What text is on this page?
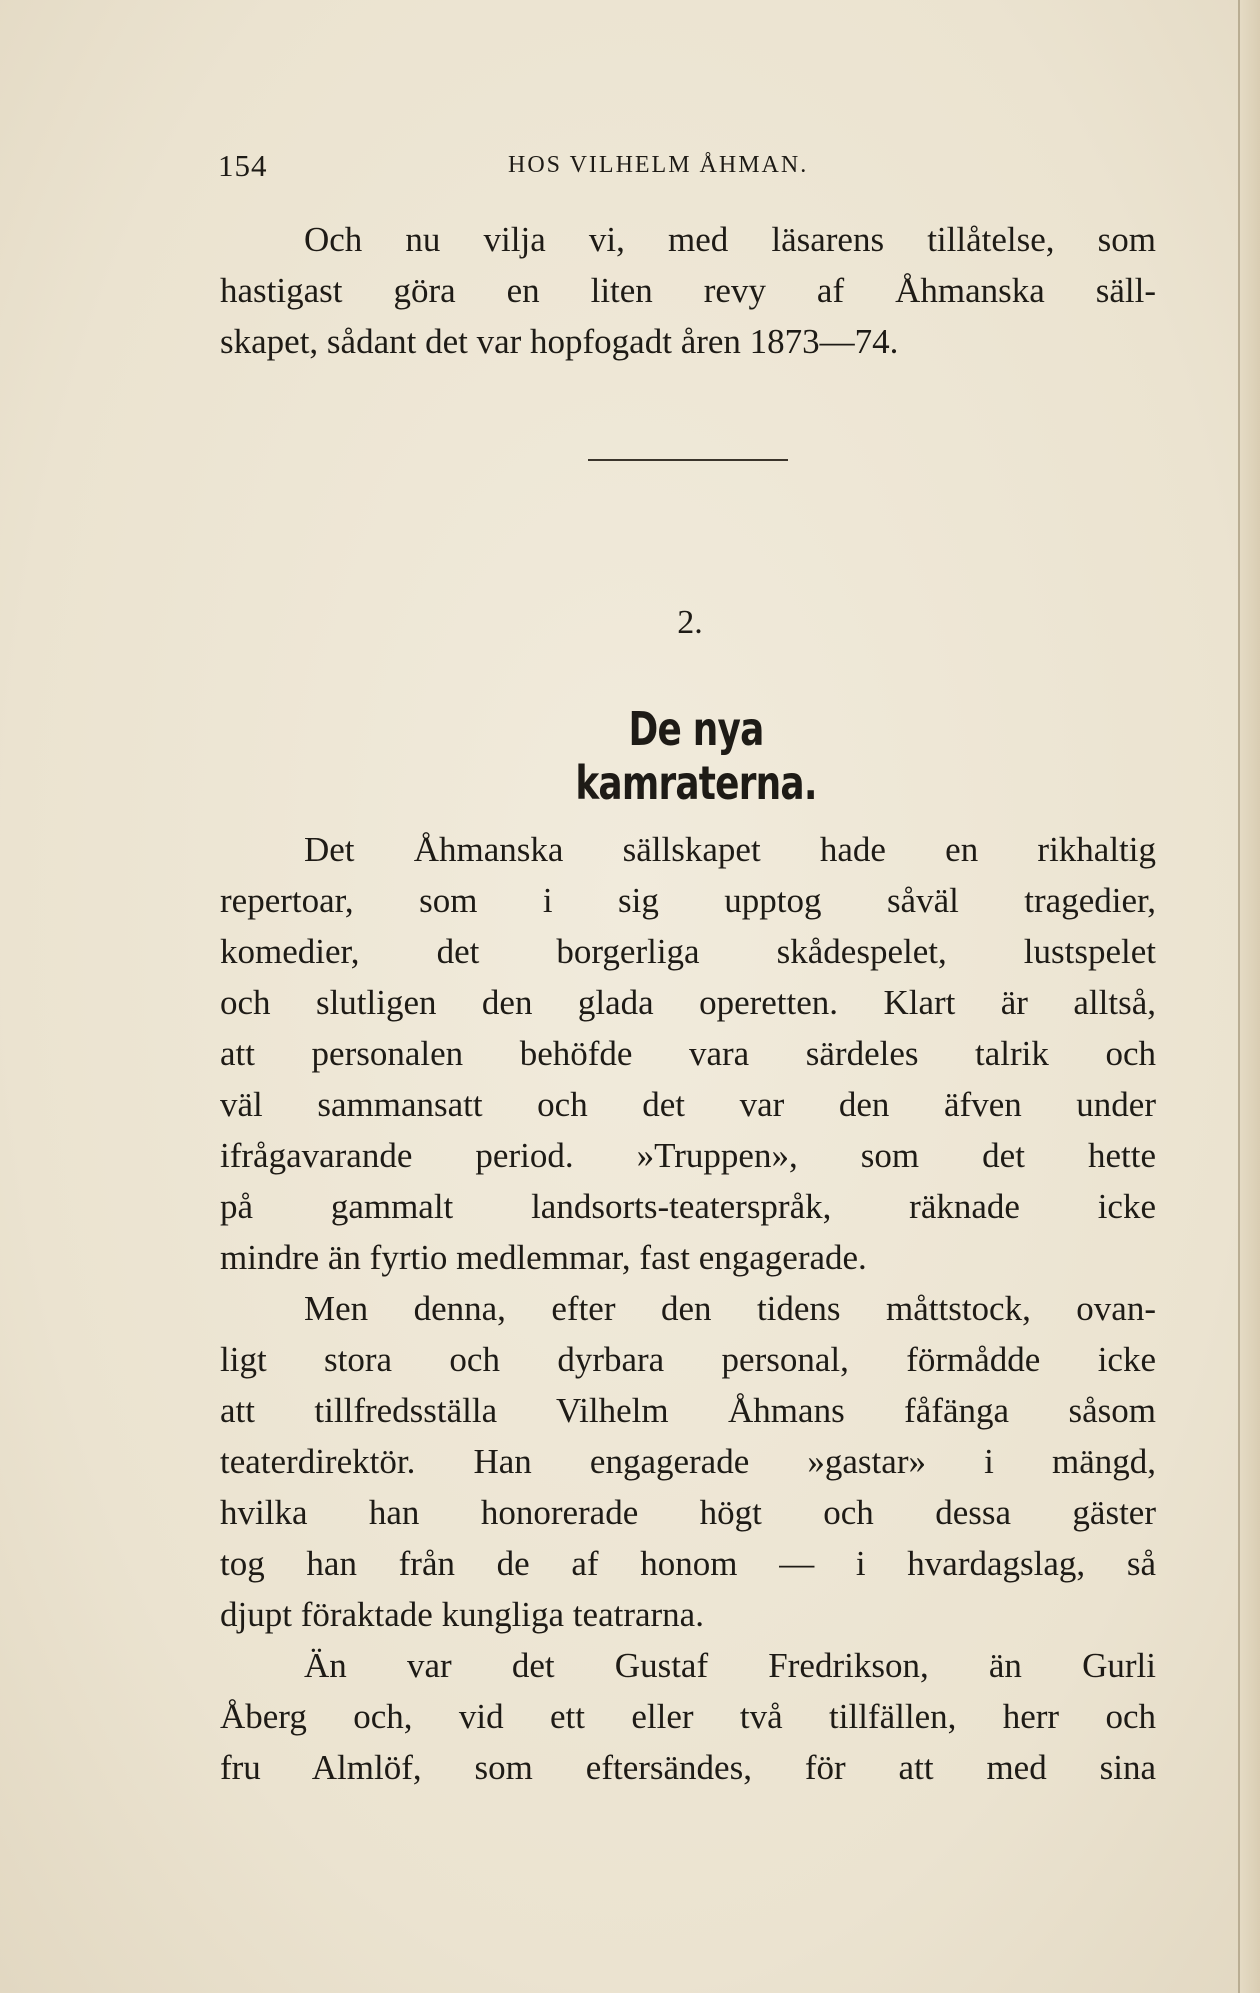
154	HOS VILHELM ÅHMAN.
Och nu vilja vi, med läsarens tillåtelse, som
hastigast göra en liten revy af Åhmanska säll-
skapet, sådant det var hopfogadt åren 1873—74.
2.
De nya kamraterna.
Det Åhmanska sällskapet hade en rikhaltig
repertoar, som i sig upptog såväl tragedier,
komedier, det borgerliga skådespelet, lustspelet
och slutligen den glada operetten. Klart är alltså,
att personalen behöfde vara särdeles talrik och
väl sammansatt och det var den äfven under
ifrågavarande period. »Truppen», som det hette
på gammalt landsorts-teaterspråk, räknade icke
mindre än fyrtio medlemmar, fast engagerade.
Men denna, efter den tidens måttstock, ovan-
ligt stora och dyrbara personal, förmådde icke
att tillfredsställa Vilhelm Åhmans fåfänga såsom
teaterdirektör. Han engagerade »gastar» i mängd,
hvilka han honorerade högt och dessa gäster
tog han från de af honom — i hvardagslag, så
djupt föraktade kungliga teatrarna.
Än var det Gustaf Fredrikson, än Gurli
Åberg och, vid ett eller två tillfällen, herr och
fru Almlöf, som eftersändes, för att med sina
